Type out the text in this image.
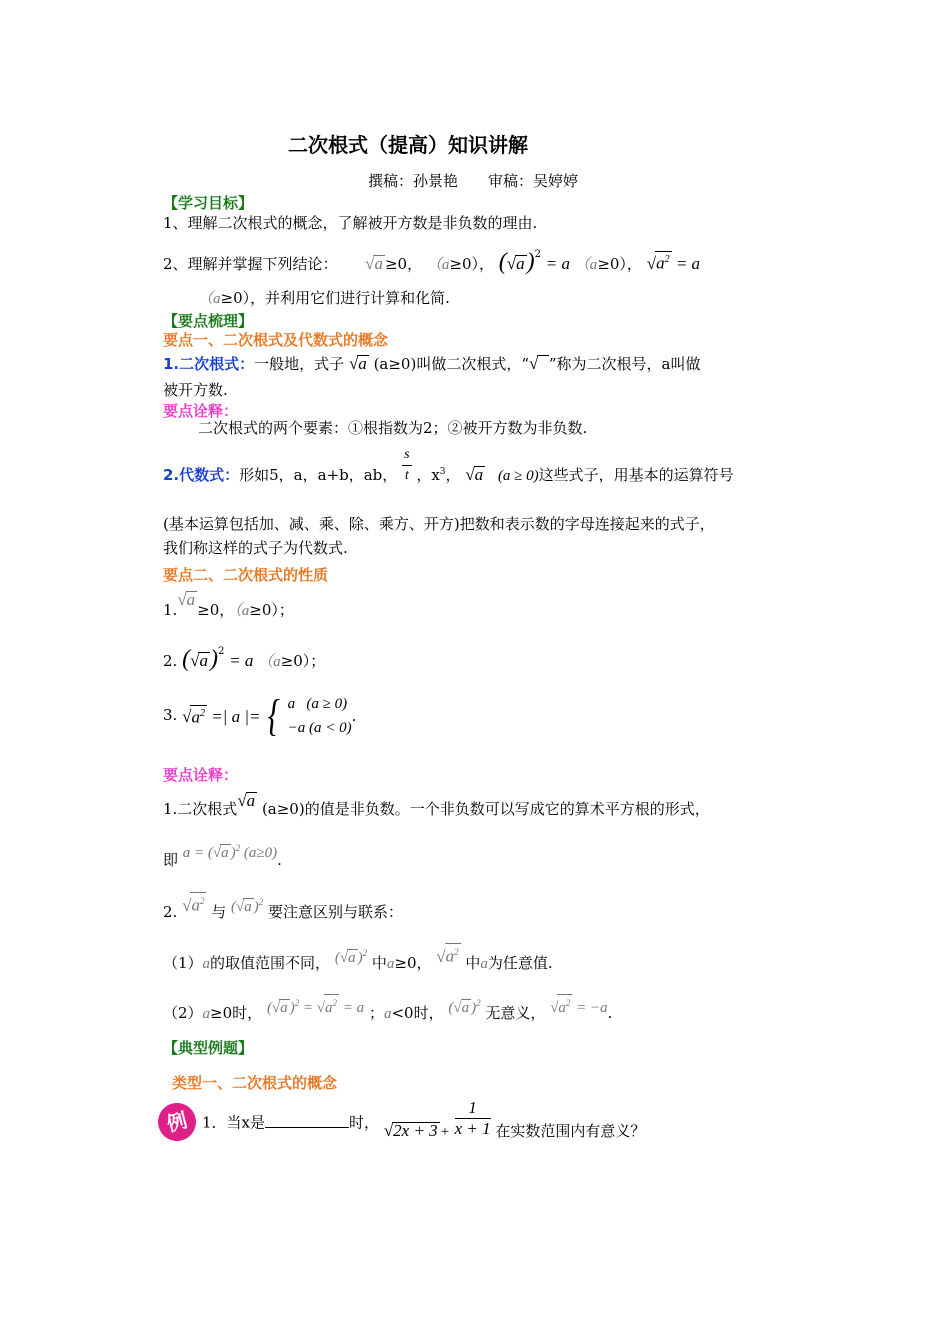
二次根式（提高）知识讲解
撰稿：孙景艳　　审稿：吴婷婷
【学习目标】
1、理解二次根式的概念，了解被开方数是非负数的理由.
2、理解并掌握下列结论： √a ≥0， （a≥0）， $(√a)^2 = a$ （a≥0）， $√a^2 = a$
（a≥0），并利用它们进行计算和化简.
【要点梳理】
要点一、二次根式及代数式的概念
1.二次根式：一般地，式子 √a (a≥0)叫做二次根式，“√ ”称为二次根号，a叫做
被开方数.
要点诠释：
二次根式的两个要素：①根指数为2；②被开方数为非负数.
2.代数式：形如5，a，a+b，ab， $\frac{s}{t}$ ，$x^3$， √a (a ≥ 0)这些式子，用基本的运算符号
(基本运算包括加、减、乘、除、乘方、开方)把数和表示数的字母连接起来的式子，
我们称这样的式子为代数式.
要点二、二次根式的性质
1.√a≥0，（a≥0）；
2. $(√a)^2 = a$ （a≥0）；
3. $√a^2$ =| a |= { a   (a ≥ 0)
−a (a < 0)
.
要点诠释：
1.二次根式√a (a≥0)的值是非负数。一个非负数可以写成它的算术平方根的形式，
即 a = (√a )$^2$ (a≥0).
2. $√a^2$ 与 (√a )$^2$ 要注意区别与联系：
（1）a的取值范围不同， (√a )$^2$ 中a≥0， $√a^2$ 中a为任意值.
（2）a≥0时， (√a )$^2 = √a^2 = a$ ；a<0时， (√a )$^2$ 无意义， $√a^2 = -a$.
【典型例题】
类型一、二次根式的概念
例 1．当x是	时， $√2x + 3 + \frac{1}{x + 1}$ 在实数范围内有意义？
